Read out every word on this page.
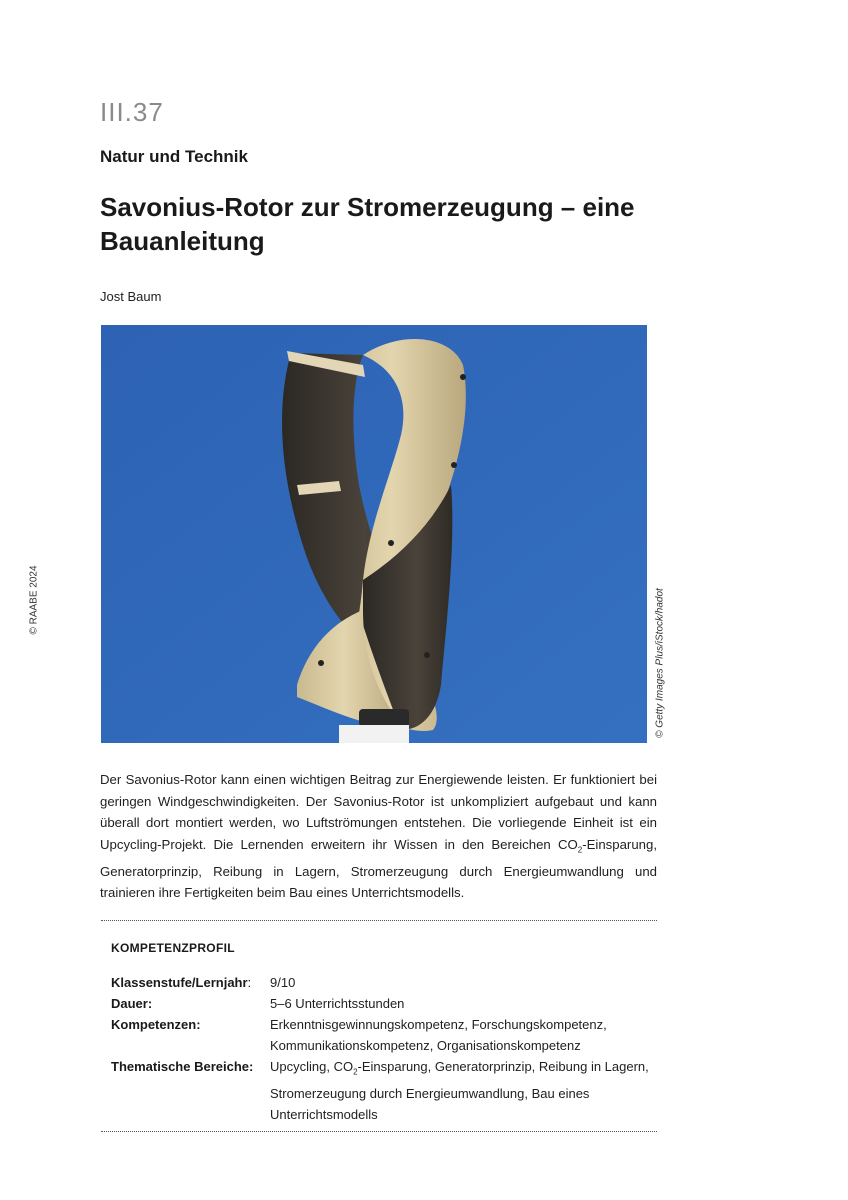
III.37
Natur und Technik
Savonius-Rotor zur Stromerzeugung – eine Bauanleitung
Jost Baum
© RAABE 2024	© Getty Images Plus/iStock/hadot
Der Savonius-Rotor kann einen wichtigen Beitrag zur Energiewende leisten. Er funktioniert bei geringen Windgeschwindigkeiten. Der Savonius-Rotor ist unkompliziert aufgebaut und kann überall dort montiert werden, wo Luftströmungen entstehen. Die vorliegende Einheit ist ein Upcycling-Projekt. Die Lernenden erweitern ihr Wissen in den Bereichen $CO_2$-Einsparung, Generatorprinzip, Reibung in Lagern, Stromerzeugung durch Energieumwandlung und trainieren ihre Fertigkeiten beim Bau eines Unterrichtsmodells.
KOMPETENZPROFIL
Klassenstufe/Lernjahr: 9/10
Dauer:	5–6 Unterrichtsstunden
Kompetenzen:	Erkenntnisgewinnungskompetenz, Forschungskompetenz, Kommunikationskompetenz, Organisationskompetenz
Thematische Bereiche: Upcycling, $CO_2$-Einsparung, Generatorprinzip, Reibung in Lagern, Stromerzeugung durch Energieumwandlung, Bau eines Unterrichtsmodells
